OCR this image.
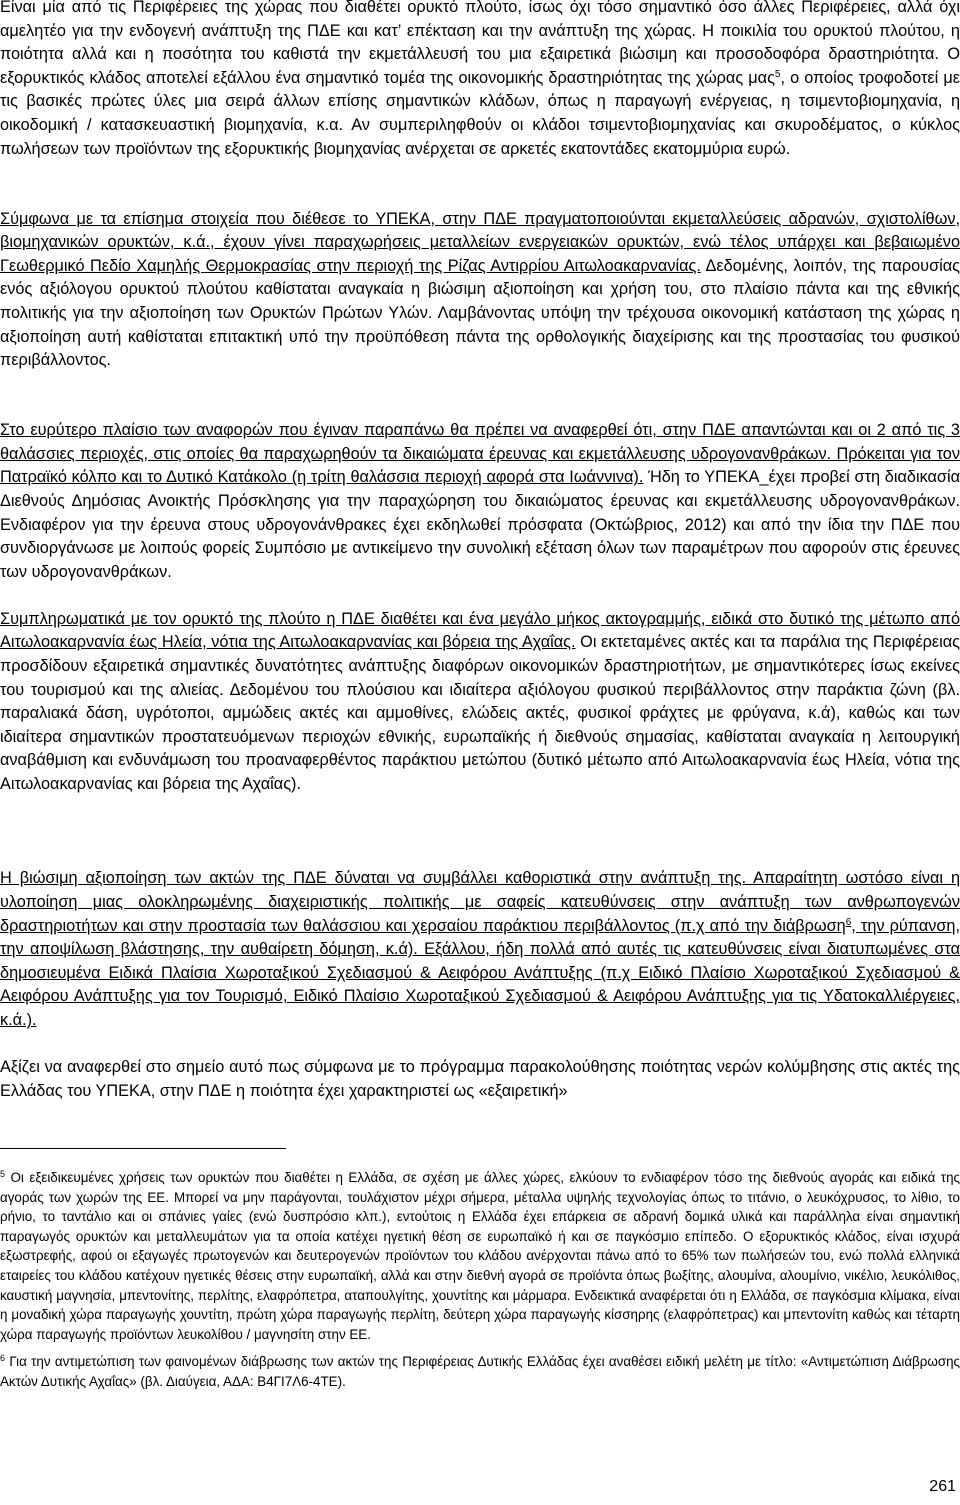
Είναι μία από τις Περιφέρειες της χώρας που διαθέτει ορυκτό πλούτο, ίσως όχι τόσο σημαντικό όσο άλλες Περιφέρειες, αλλά όχι αμελητέο για την ενδογενή ανάπτυξη της ΠΔΕ και κατ’ επέκταση και την ανάπτυξη της χώρας. Η ποικιλία του ορυκτού πλούτου, η ποιότητα αλλά και η ποσότητα του καθιστά την εκμετάλλευσή του μια εξαιρετικά βιώσιμη και προσοδοφόρα δραστηριότητα. Ο εξορυκτικός κλάδος αποτελεί εξάλλου ένα σημαντικό τομέα της οικονομικής δραστηριότητας της χώρας μας$^5$, ο οποίος τροφοδοτεί με τις βασικές πρώτες ύλες μια σειρά άλλων επίσης σημαντικών κλάδων, όπως η παραγωγή ενέργειας, η τσιμεντοβιομηχανία, η οικοδομική / κατασκευαστική βιομηχανία, κ.α. Αν συμπεριληφθούν οι κλάδοι τσιμεντοβιομηχανίας και σκυροδέματος, ο κύκλος πωλήσεων των προϊόντων της εξορυκτικής βιομηχανίας ανέρχεται σε αρκετές εκατοντάδες εκατομμύρια ευρώ.

Σύμφωνα με τα επίσημα στοιχεία που διέθεσε το ΥΠΕΚΑ, στην ΠΔΕ πραγματοποιούνται εκμεταλλεύσεις αδρανών, σχιστολίθων, βιομηχανικών ορυκτών, κ.ά., έχουν γίνει παραχωρήσεις μεταλλείων ενεργειακών ορυκτών, ενώ τέλος υπάρχει και βεβαιωμένο Γεωθερμικό Πεδίο Χαμηλής Θερμοκρασίας στην περιοχή της Ρίζας Αντιρρίου Αιτωλοακαρνανίας. Δεδομένης, λοιπόν, της παρουσίας ενός αξιόλογου ορυκτού πλούτου καθίσταται αναγκαία η βιώσιμη αξιοποίηση και χρήση του, στο πλαίσιο πάντα και της εθνικής πολιτικής για την αξιοποίηση των Ορυκτών Πρώτων Υλών. Λαμβάνοντας υπόψη την τρέχουσα οικονομική κατάσταση της χώρας η αξιοποίηση αυτή καθίσταται επιτακτική υπό την προϋπόθεση πάντα της ορθολογικής διαχείρισης και της προστασίας του φυσικού περιβάλλοντος.

Στο ευρύτερο πλαίσιο των αναφορών που έγιναν παραπάνω θα πρέπει να αναφερθεί ότι, στην ΠΔΕ απαντώνται και οι 2 από τις 3 θαλάσσιες περιοχές, στις οποίες θα παραχωρηθούν τα δικαιώματα έρευνας και εκμετάλλευσης υδρογονανθράκων. Πρόκειται για τον Πατραϊκό κόλπο και το Δυτικό Κατάκολο (η τρίτη θαλάσσια περιοχή αφορά στα Ιωάννινα). Ήδη το ΥΠΕΚΑ_έχει προβεί στη διαδικασία Διεθνούς Δημόσιας Ανοικτής Πρόσκλησης για την παραχώρηση του δικαιώματος έρευνας και εκμετάλλευσης υδρογονανθράκων. Ενδιαφέρον για την έρευνα στους υδρογονάνθρακες έχει εκδηλωθεί πρόσφατα (Οκτώβριος, 2012) και από την ίδια την ΠΔΕ που συνδιοργάνωσε με λοιπούς φορείς Συμπόσιο με αντικείμενο την συνολική εξέταση όλων των παραμέτρων που αφορούν στις έρευνες των υδρογονανθράκων.

Συμπληρωματικά με τον ορυκτό της πλούτο η ΠΔΕ διαθέτει και ένα μεγάλο μήκος ακτογραμμής, ειδικά στο δυτικό της μέτωπο από Αιτωλοακαρνανία έως Ηλεία, νότια της Αιτωλοακαρνανίας και βόρεια της Αχαΐας. Οι εκτεταμένες ακτές και τα παράλια της Περιφέρειας προσδίδουν εξαιρετικά σημαντικές δυνατότητες ανάπτυξης διαφόρων οικονομικών δραστηριοτήτων, με σημαντικότερες ίσως εκείνες του τουρισμού και της αλιείας. Δεδομένου του πλούσιου και ιδιαίτερα αξιόλογου φυσικού περιβάλλοντος στην παράκτια ζώνη (βλ. παραλιακά δάση, υγρότοποι, αμμώδεις ακτές και αμμοθίνες, ελώδεις ακτές, φυσικοί φράχτες με φρύγανα, κ.ά), καθώς και των ιδιαίτερα σημαντικών προστατευόμενων περιοχών εθνικής, ευρωπαϊκής ή διεθνούς σημασίας, καθίσταται αναγκαία η λειτουργική αναβάθμιση και ενδυνάμωση του προαναφερθέντος παράκτιου μετώπου (δυτικό μέτωπο από Αιτωλοακαρνανία έως Ηλεία, νότια της Αιτωλοακαρνανίας και βόρεια της Αχαΐας).

Η βιώσιμη αξιοποίηση των ακτών της ΠΔΕ δύναται να συμβάλλει καθοριστικά στην ανάπτυξη της. Απαραίτητη ωστόσο είναι η υλοποίηση μιας ολοκληρωμένης διαχειριστικής πολιτικής με σαφείς κατευθύνσεις στην ανάπτυξη των ανθρωπογενών δραστηριοτήτων και στην προστασία των θαλάσσιου και χερσαίου παράκτιου περιβάλλοντος (π.χ από την διάβρωση$^6$, την ρύπανση, την αποψίλωση βλάστησης, την αυθαίρετη δόμηση, κ.ά). Εξάλλου, ήδη πολλά από αυτές τις κατευθύνσεις είναι διατυπωμένες στα δημοσιευμένα Ειδικά Πλαίσια Χωροταξικού Σχεδιασμού & Αειφόρου Ανάπτυξης (π.χ Ειδικό Πλαίσιο Χωροταξικού Σχεδιασμού & Αειφόρου Ανάπτυξης για τον Τουρισμό, Ειδικό Πλαίσιο Χωροταξικού Σχεδιασμού & Αειφόρου Ανάπτυξης για τις Υδατοκαλλιέργειες, κ.ά.).

Αξίζει να αναφερθεί στο σημείο αυτό πως σύμφωνα με το πρόγραμμα παρακολούθησης ποιότητας νερών κολύμβησης στις ακτές της Ελλάδας του ΥΠΕΚΑ, στην ΠΔΕ η ποιότητα έχει χαρακτηριστεί ως «εξαιρετική»

$^5$ Οι εξειδικευμένες χρήσεις των ορυκτών που διαθέτει η Ελλάδα, σε σχέση με άλλες χώρες, ελκύουν το ενδιαφέρον τόσο της διεθνούς αγοράς και ειδικά της αγοράς των χωρών της ΕΕ. Μπορεί να μην παράγονται, τουλάχιστον μέχρι σήμερα, μέταλλα υψηλής τεχνολογίας όπως το τιτάνιο, ο λευκόχρυσος, το λίθιο, το ρήνιο, το ταντάλιο και οι σπάνιες γαίες (ενώ δυσπρόσιο κλπ.), εντούτοις η Ελλάδα έχει επάρκεια σε αδρανή δομικά υλικά και παράλληλα είναι σημαντική παραγωγός ορυκτών και μεταλλευμάτων για τα οποία κατέχει ηγετική θέση σε ευρωπαϊκό ή και σε παγκόσμιο επίπεδο. Ο εξορυκτικός κλάδος, είναι ισχυρά εξωστρεφής, αφού οι εξαγωγές πρωτογενών και δευτερογενών προϊόντων του κλάδου ανέρχονται πάνω από το 65% των πωλήσεών του, ενώ πολλά ελληνικά εταιρείες του κλάδου κατέχουν ηγετικές θέσεις στην ευρωπαϊκή, αλλά και στην διεθνή αγορά σε προϊόντα όπως βωξίτης, αλουμίνα, αλουμίνιο, νικέλιο, λευκόλιθος, καυστική μαγνησία, μπεντονίτης, περλίτης, ελαφρόπετρα, αταπουλγίτης, χουντίτης και μάρμαρα. Ενδεικτικά αναφέρεται ότι η Ελλάδα, σε παγκόσμια κλίμακα, είναι η μοναδική χώρα παραγωγής χουντίτη, πρώτη χώρα παραγωγής περλίτη, δεύτερη χώρα παραγωγής κίσσηρης (ελαφρόπετρας) και μπεντονίτη καθώς και τέταρτη χώρα παραγωγής προϊόντων λευκολίθου / μαγνησίτη στην ΕΕ.

$^6$ Για την αντιμετώπιση των φαινομένων διάβρωσης των ακτών της Περιφέρειας Δυτικής Ελλάδας έχει αναθέσει ειδική μελέτη με τίτλο: «Αντιμετώπιση Διάβρωσης Ακτών Δυτικής Αχαΐας» (βλ. Διαύγεια, ΑΔΑ: Β4ΓΙ7Λ6-4ΤΕ).

261
